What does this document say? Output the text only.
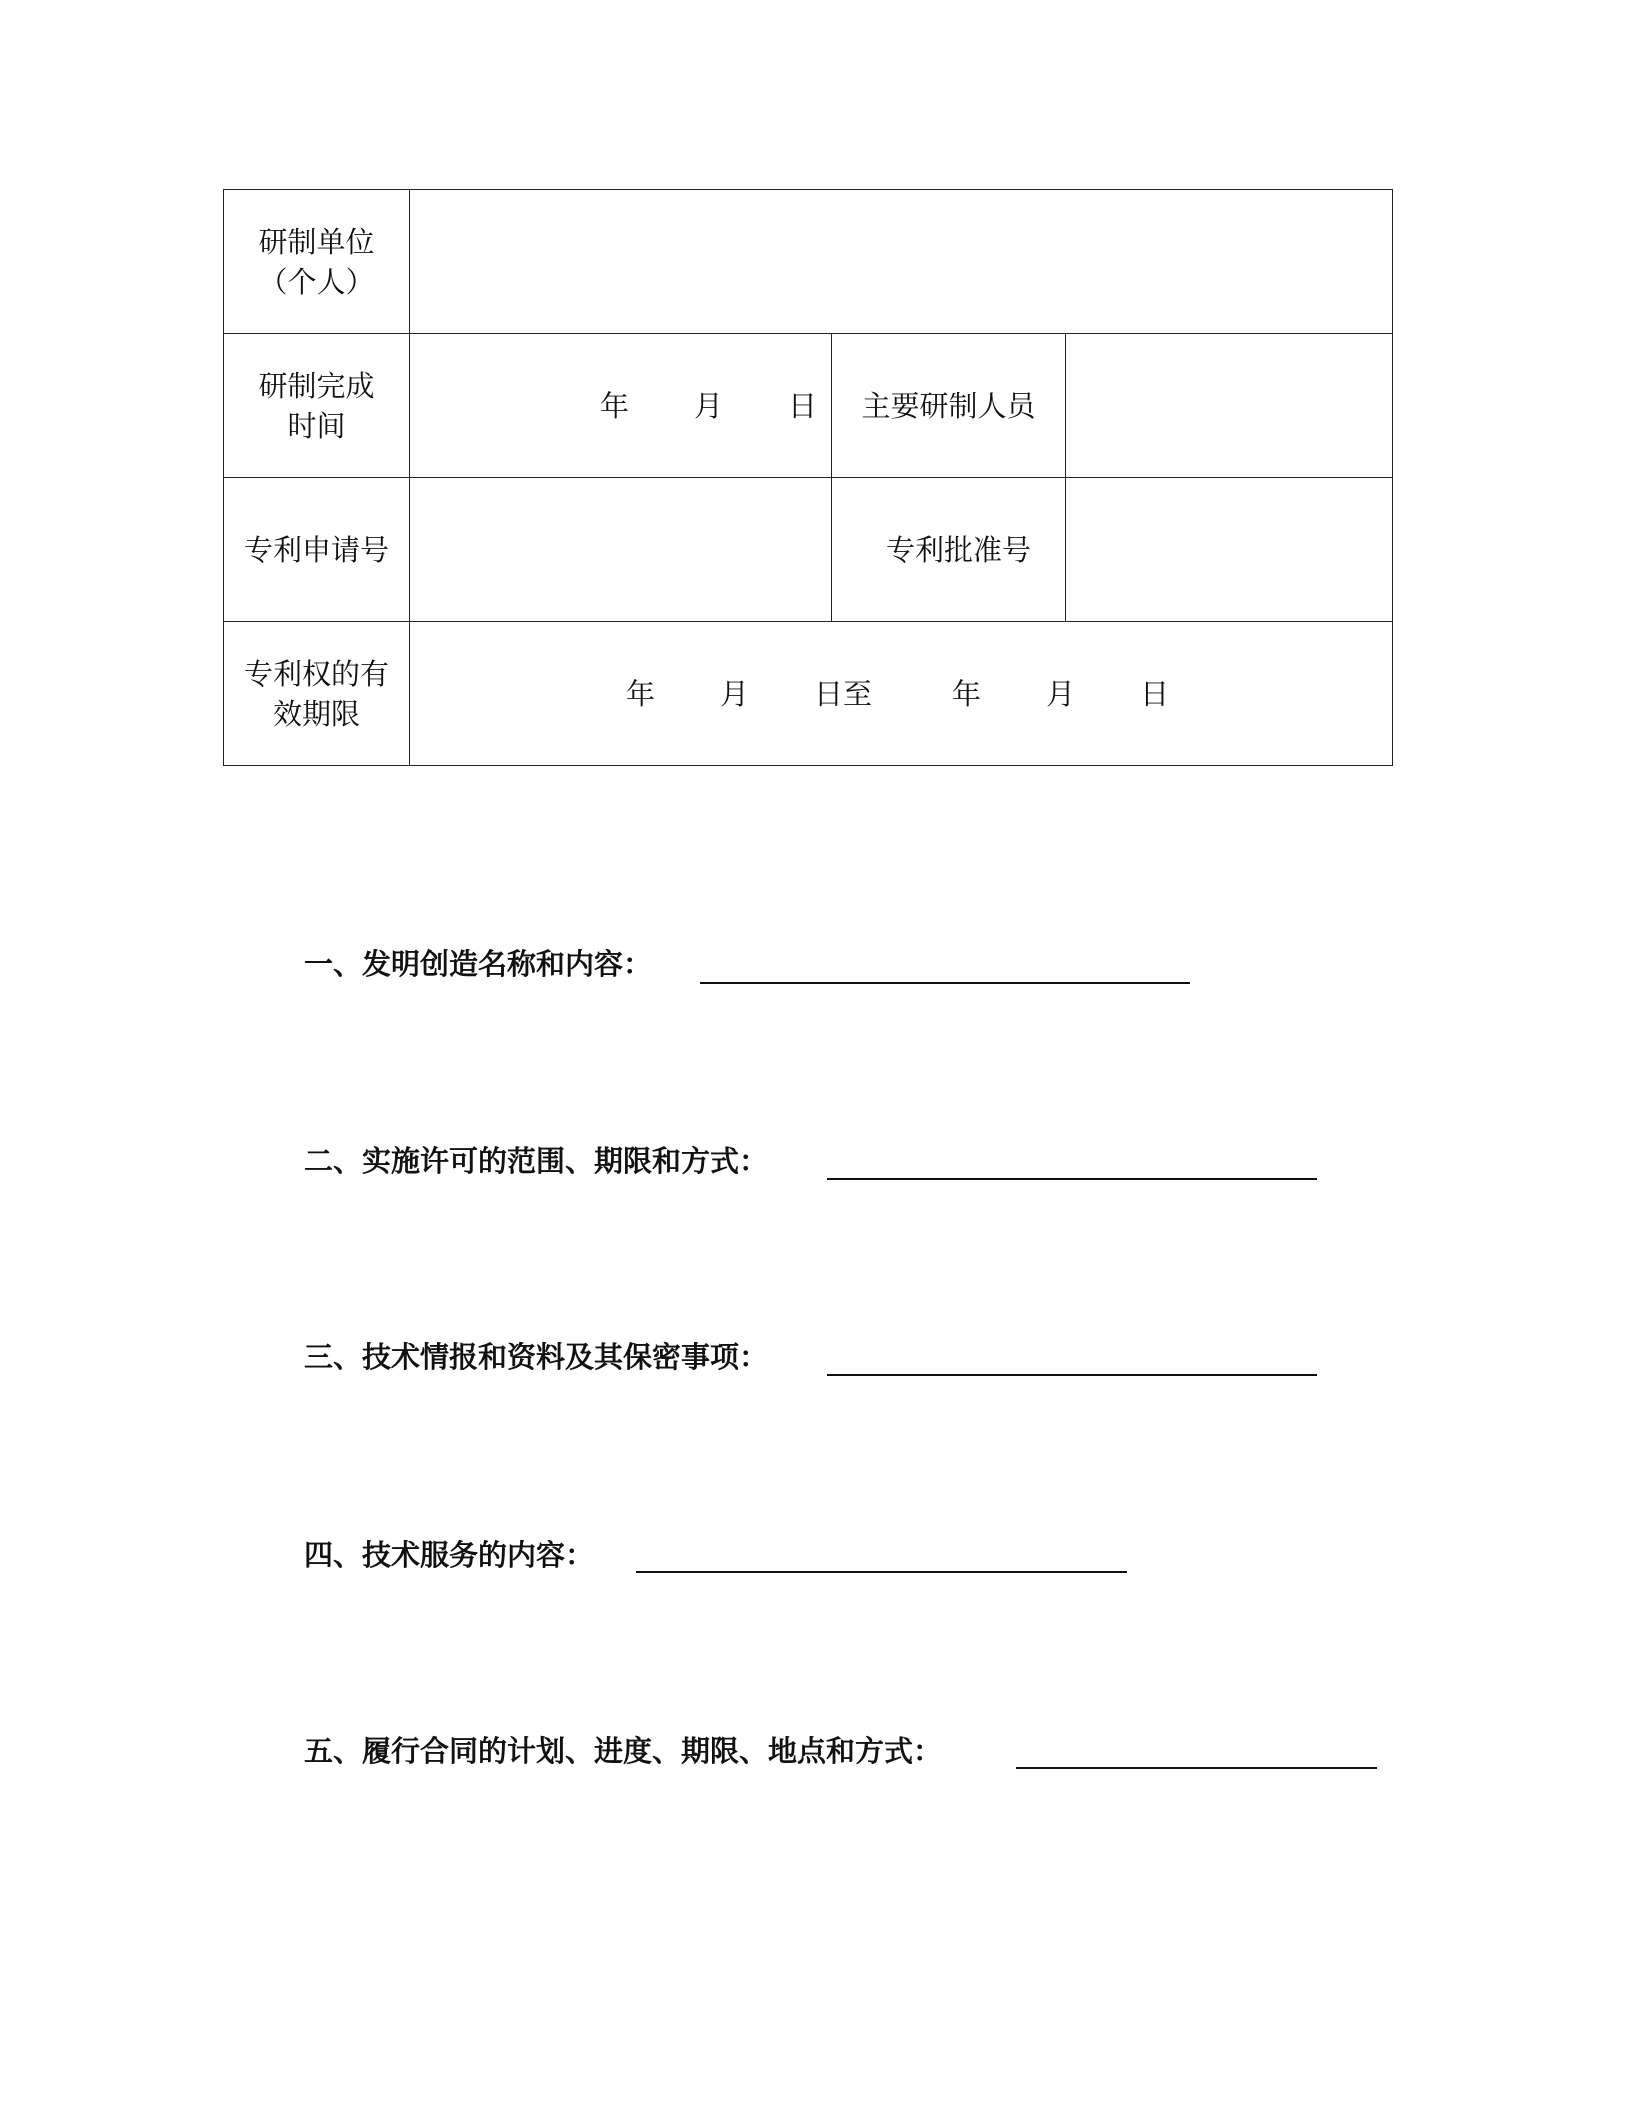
研制单位（个人）			

研制完成时间	年 月 日	主要研制人员	
专利申请号		专利批准号	

专利权的有效期限	年 月 日至 年 月 日		
一、发明创造名称和内容：
二、实施许可的范围、期限和方式：
三、技术情报和资料及其保密事项：
四、技术服务的内容：
五、履行合同的计划、进度、期限、地点和方式：
